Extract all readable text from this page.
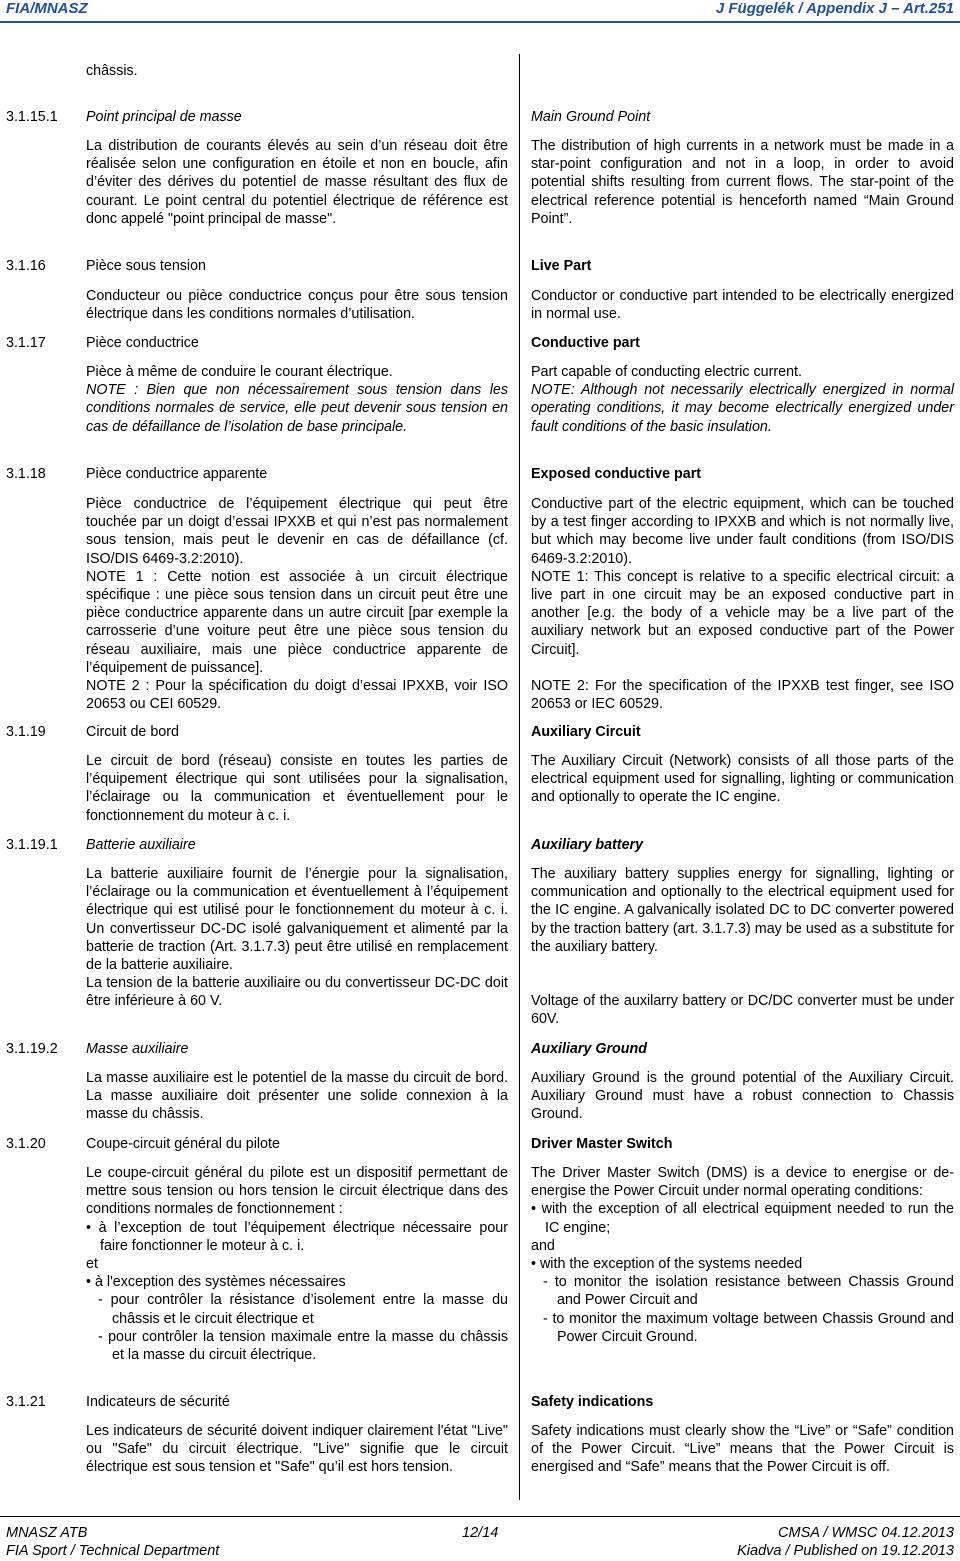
FIA/MNASZ	J Függelék / Appendix J – Art.251

châssis.

3.1.15.1	Point principal de masse	Main Ground Point

La distribution de courants élevés au sein d’un réseau doit être réalisée selon une configuration en étoile et non en boucle, afin d’éviter des dérives du potentiel de masse résultant des flux de courant. Le point central du potentiel électrique de référence est donc appelé "point principal de masse".

The distribution of high currents in a network must be made in a star-point configuration and not in a loop, in order to avoid potential shifts resulting from current flows. The star-point of the electrical reference potential is henceforth named “Main Ground Point”.

3.1.16	Pièce sous tension	Live Part

Conducteur ou pièce conductrice conçus pour être sous tension électrique dans les conditions normales d’utilisation.

Conductor or conductive part intended to be electrically energized in normal use.

3.1.17	Pièce conductrice	Conductive part

Pièce à même de conduire le courant électrique.

NOTE : Bien que non nécessairement sous tension dans les conditions normales de service, elle peut devenir sous tension en cas de défaillance de l’isolation de base principale.

Part capable of conducting electric current.

NOTE: Although not necessarily electrically energized in normal operating conditions, it may become electrically energized under fault conditions of the basic insulation.

3.1.18	Pièce conductrice apparente	Exposed conductive part

Pièce conductrice de l’équipement électrique qui peut être touchée par un doigt d’essai IPXXB et qui n’est pas normalement sous tension, mais peut le devenir en cas de défaillance (cf. ISO/DIS 6469-3.2:2010).

NOTE 1 : Cette notion est associée à un circuit électrique spécifique : une pièce sous tension dans un circuit peut être une pièce conductrice apparente dans un autre circuit [par exemple la carrosserie d’une voiture peut être une pièce sous tension du réseau auxiliaire, mais une pièce conductrice apparente de l’équipement de puissance].

NOTE 2 : Pour la spécification du doigt d’essai IPXXB, voir ISO 20653 ou CEI 60529.

Conductive part of the electric equipment, which can be touched by a test finger according to IPXXB and which is not normally live, but which may become live under fault conditions (from ISO/DIS 6469-3.2:2010).

NOTE 1: This concept is relative to a specific electrical circuit: a live part in one circuit may be an exposed conductive part in another [e.g. the body of a vehicle may be a live part of the auxiliary network but an exposed conductive part of the Power Circuit].

NOTE 2: For the specification of the IPXXB test finger, see ISO 20653 or IEC 60529.

3.1.19	Circuit de bord	Auxiliary Circuit

Le circuit de bord (réseau) consiste en toutes les parties de l’équipement électrique qui sont utilisées pour la signalisation, l’éclairage ou la communication et éventuellement pour le fonctionnement du moteur à c. i.

The Auxiliary Circuit (Network) consists of all those parts of the electrical equipment used for signalling, lighting or communication and optionally to operate the IC engine.

3.1.19.1	Batterie auxiliaire	Auxiliary battery

La batterie auxiliaire fournit de l’énergie pour la signalisation, l’éclairage ou la communication et éventuellement à l’équipement électrique qui est utilisé pour le fonctionnement du moteur à c. i. Un convertisseur DC-DC isolé galvaniquement et alimenté par la batterie de traction (Art. 3.1.7.3) peut être utilisé en remplacement de la batterie auxiliaire.

La tension de la batterie auxiliaire ou du convertisseur DC-DC doit être inférieure à 60 V.

The auxiliary battery supplies energy for signalling, lighting or communication and optionally to the electrical equipment used for the IC engine. A galvanically isolated DC to DC converter powered by the traction battery (art. 3.1.7.3) may be used as a substitute for the auxiliary battery.

Voltage of the auxilarry battery or DC/DC converter must be under 60V.

3.1.19.2	Masse auxiliaire	Auxiliary Ground

La masse auxiliaire est le potentiel de la masse du circuit de bord. La masse auxiliaire doit présenter une solide connexion à la masse du châssis.

Auxiliary Ground is the ground potential of the Auxiliary Circuit. Auxiliary Ground must have a robust connection to Chassis Ground.

3.1.20	Coupe-circuit général du pilote	Driver Master Switch

Le coupe-circuit général du pilote est un dispositif permettant de mettre sous tension ou hors tension le circuit électrique dans des conditions normales de fonctionnement :

• à l’exception de tout l’équipement électrique nécessaire pour faire fonctionner le moteur à c. i.

et

• à l'exception des systèmes nécessaires

- pour contrôler la résistance d’isolement entre la masse du châssis et le circuit électrique et

- pour contrôler la tension maximale entre la masse du châssis et la masse du circuit électrique.

The Driver Master Switch (DMS) is a device to energise or de-energise the Power Circuit under normal operating conditions:

• with the exception of all electrical equipment needed to run the IC engine;

and

• with the exception of the systems needed

- to monitor the isolation resistance between Chassis Ground and Power Circuit and

- to monitor the maximum voltage between Chassis Ground and Power Circuit Ground.

3.1.21	Indicateurs de sécurité	Safety indications

Les indicateurs de sécurité doivent indiquer clairement l'état "Live" ou "Safe" du circuit électrique. "Live" signifie que le circuit électrique est sous tension et "Safe" qu’il est hors tension.

Safety indications must clearly show the “Live” or “Safe” condition of the Power Circuit. “Live” means that the Power Circuit is energised and “Safe” means that the Power Circuit is off.

MNASZ ATB
FIA Sport / Technical Department
12/14	CMSA / WMSC 04.12.2013
Kiadva / Published on 19.12.2013
